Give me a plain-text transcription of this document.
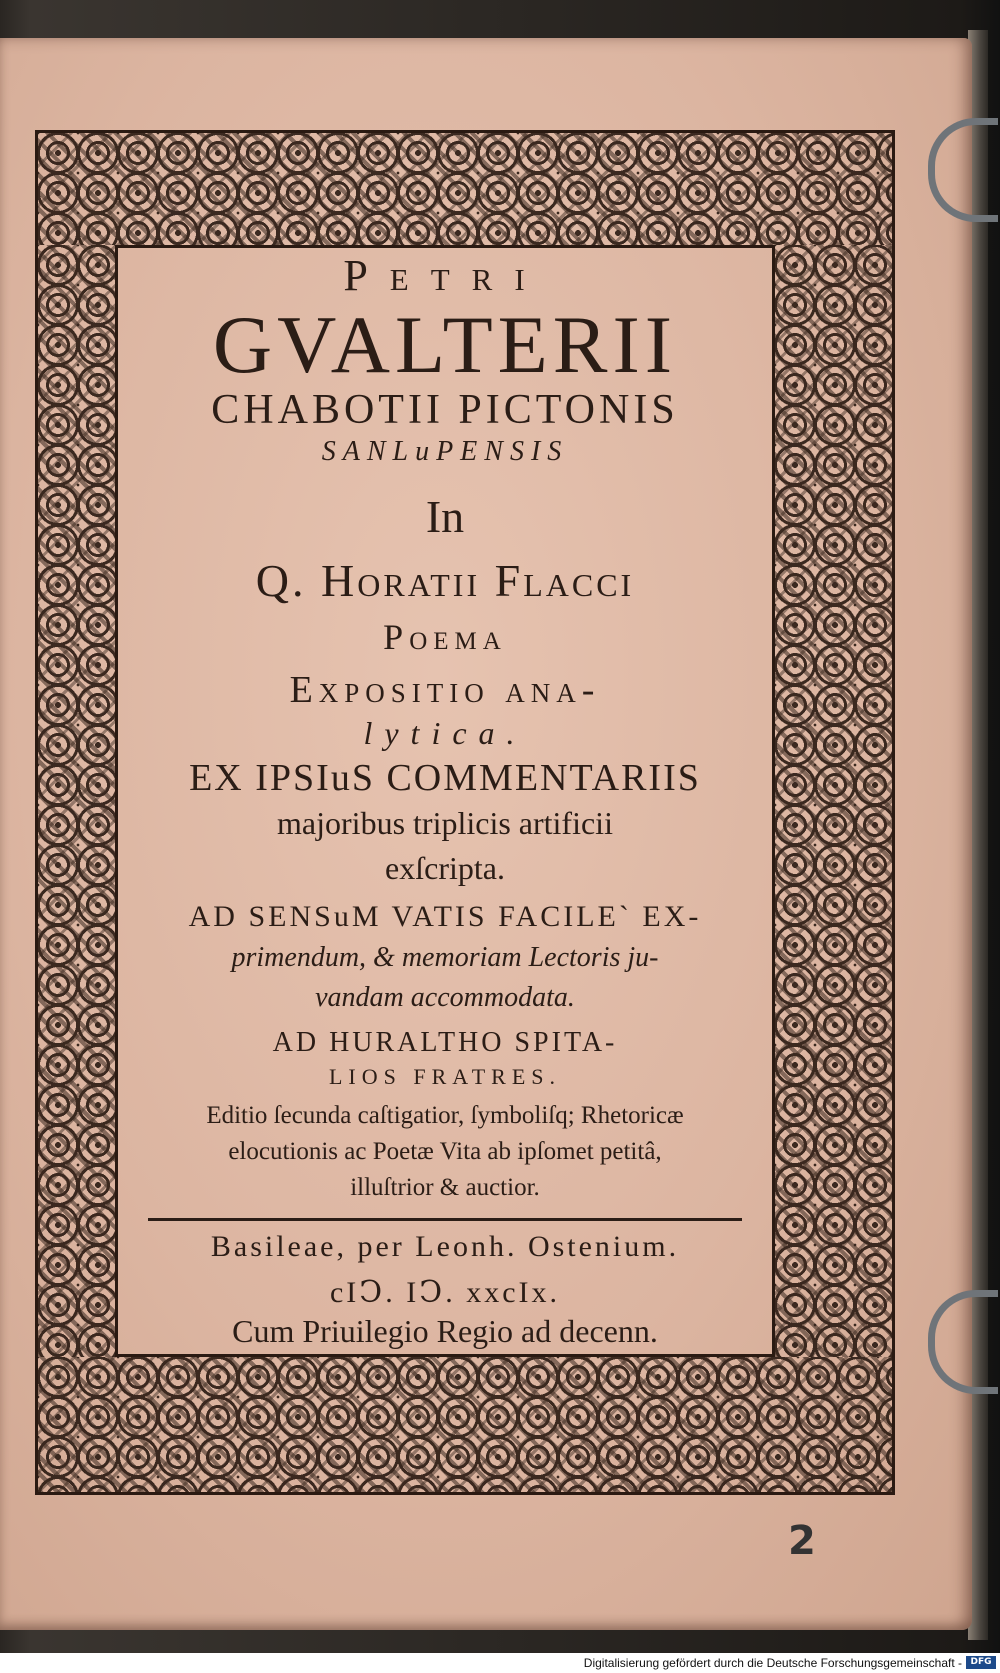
Petri
GVALTERII
CHABOTII PICTONIS
SANLuPENSIS
In
Q. Horatii Flacci
Poema
Expositio ana-
lytica.
EX IPSIuS COMMENTARIIS
majoribus triplicis artificii
exſcripta.
AD SENSuM VATIS FACILE` EX-
primendum, & memoriam Lectoris ju-
vandam accommodata.
AD HURALTHO SPITA-
LIOS FRATRES.
Editio ſecunda caſtigatior, ſymboliſq; Rhetoricæ
elocutionis ac Poetæ Vita ab ipſomet petitâ,
illuſtrior & auctior.
Basileae, per Leonh. Ostenium.
cIↃ. IↃ. xxcIx.
Cum Priuilegio Regio ad decenn.
2
Digitalisierung gefördert durch die Deutsche Forschungsgemeinschaft - DFG
